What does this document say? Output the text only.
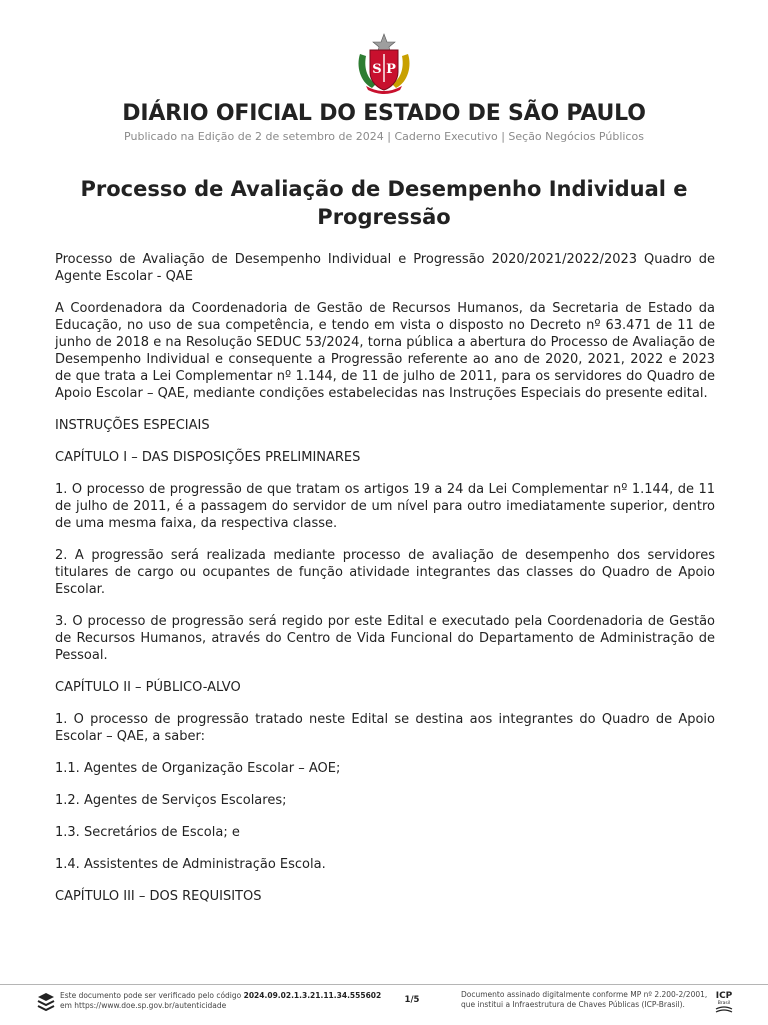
S P
DIÁRIO OFICIAL DO ESTADO DE SÃO PAULO
Publicado na Edição de 2 de setembro de 2024 | Caderno Executivo | Seção Negócios Públicos
Processo de Avaliação de Desempenho Individual e Progressão

Processo de Avaliação de Desempenho Individual e Progressão 2020/2021/2022/2023 Quadro de Agente Escolar - QAE

A Coordenadora da Coordenadoria de Gestão de Recursos Humanos, da Secretaria de Estado da Educação, no uso de sua competência, e tendo em vista o disposto no Decreto nº 63.471 de 11 de junho de 2018 e na Resolução SEDUC 53/2024, torna pública a abertura do Processo de Avaliação de Desempenho Individual e consequente a Progressão referente ao ano de 2020, 2021, 2022 e 2023 de que trata a Lei Complementar nº 1.144, de 11 de julho de 2011, para os servidores do Quadro de Apoio Escolar – QAE, mediante condições estabelecidas nas Instruções Especiais do presente edital.

INSTRUÇÕES ESPECIAIS

CAPÍTULO I – DAS DISPOSIÇÕES PRELIMINARES

1. O processo de progressão de que tratam os artigos 19 a 24 da Lei Complementar nº 1.144, de 11 de julho de 2011, é a passagem do servidor de um nível para outro imediatamente superior, dentro de uma mesma faixa, da respectiva classe.

2. A progressão será realizada mediante processo de avaliação de desempenho dos servidores titulares de cargo ou ocupantes de função atividade integrantes das classes do Quadro de Apoio Escolar.

3. O processo de progressão será regido por este Edital e executado pela Coordenadoria de Gestão de Recursos Humanos, através do Centro de Vida Funcional do Departamento de Administração de Pessoal.

CAPÍTULO II – PÚBLICO-ALVO

1. O processo de progressão tratado neste Edital se destina aos integrantes do Quadro de Apoio Escolar – QAE, a saber:

1.1. Agentes de Organização Escolar – AOE;

1.2. Agentes de Serviços Escolares;

1.3. Secretários de Escola; e

1.4. Assistentes de Administração Escola.

CAPÍTULO III – DOS REQUISITOS

Este documento pode ser verificado pelo código 2024.09.02.1.3.21.11.34.555602
em https://www.doe.sp.gov.br/autenticidade
1/5
Documento assinado digitalmente conforme MP nº 2.200-2/2001,
que institui a Infraestrutura de Chaves Públicas (ICP-Brasil).
ICP
Brasil
